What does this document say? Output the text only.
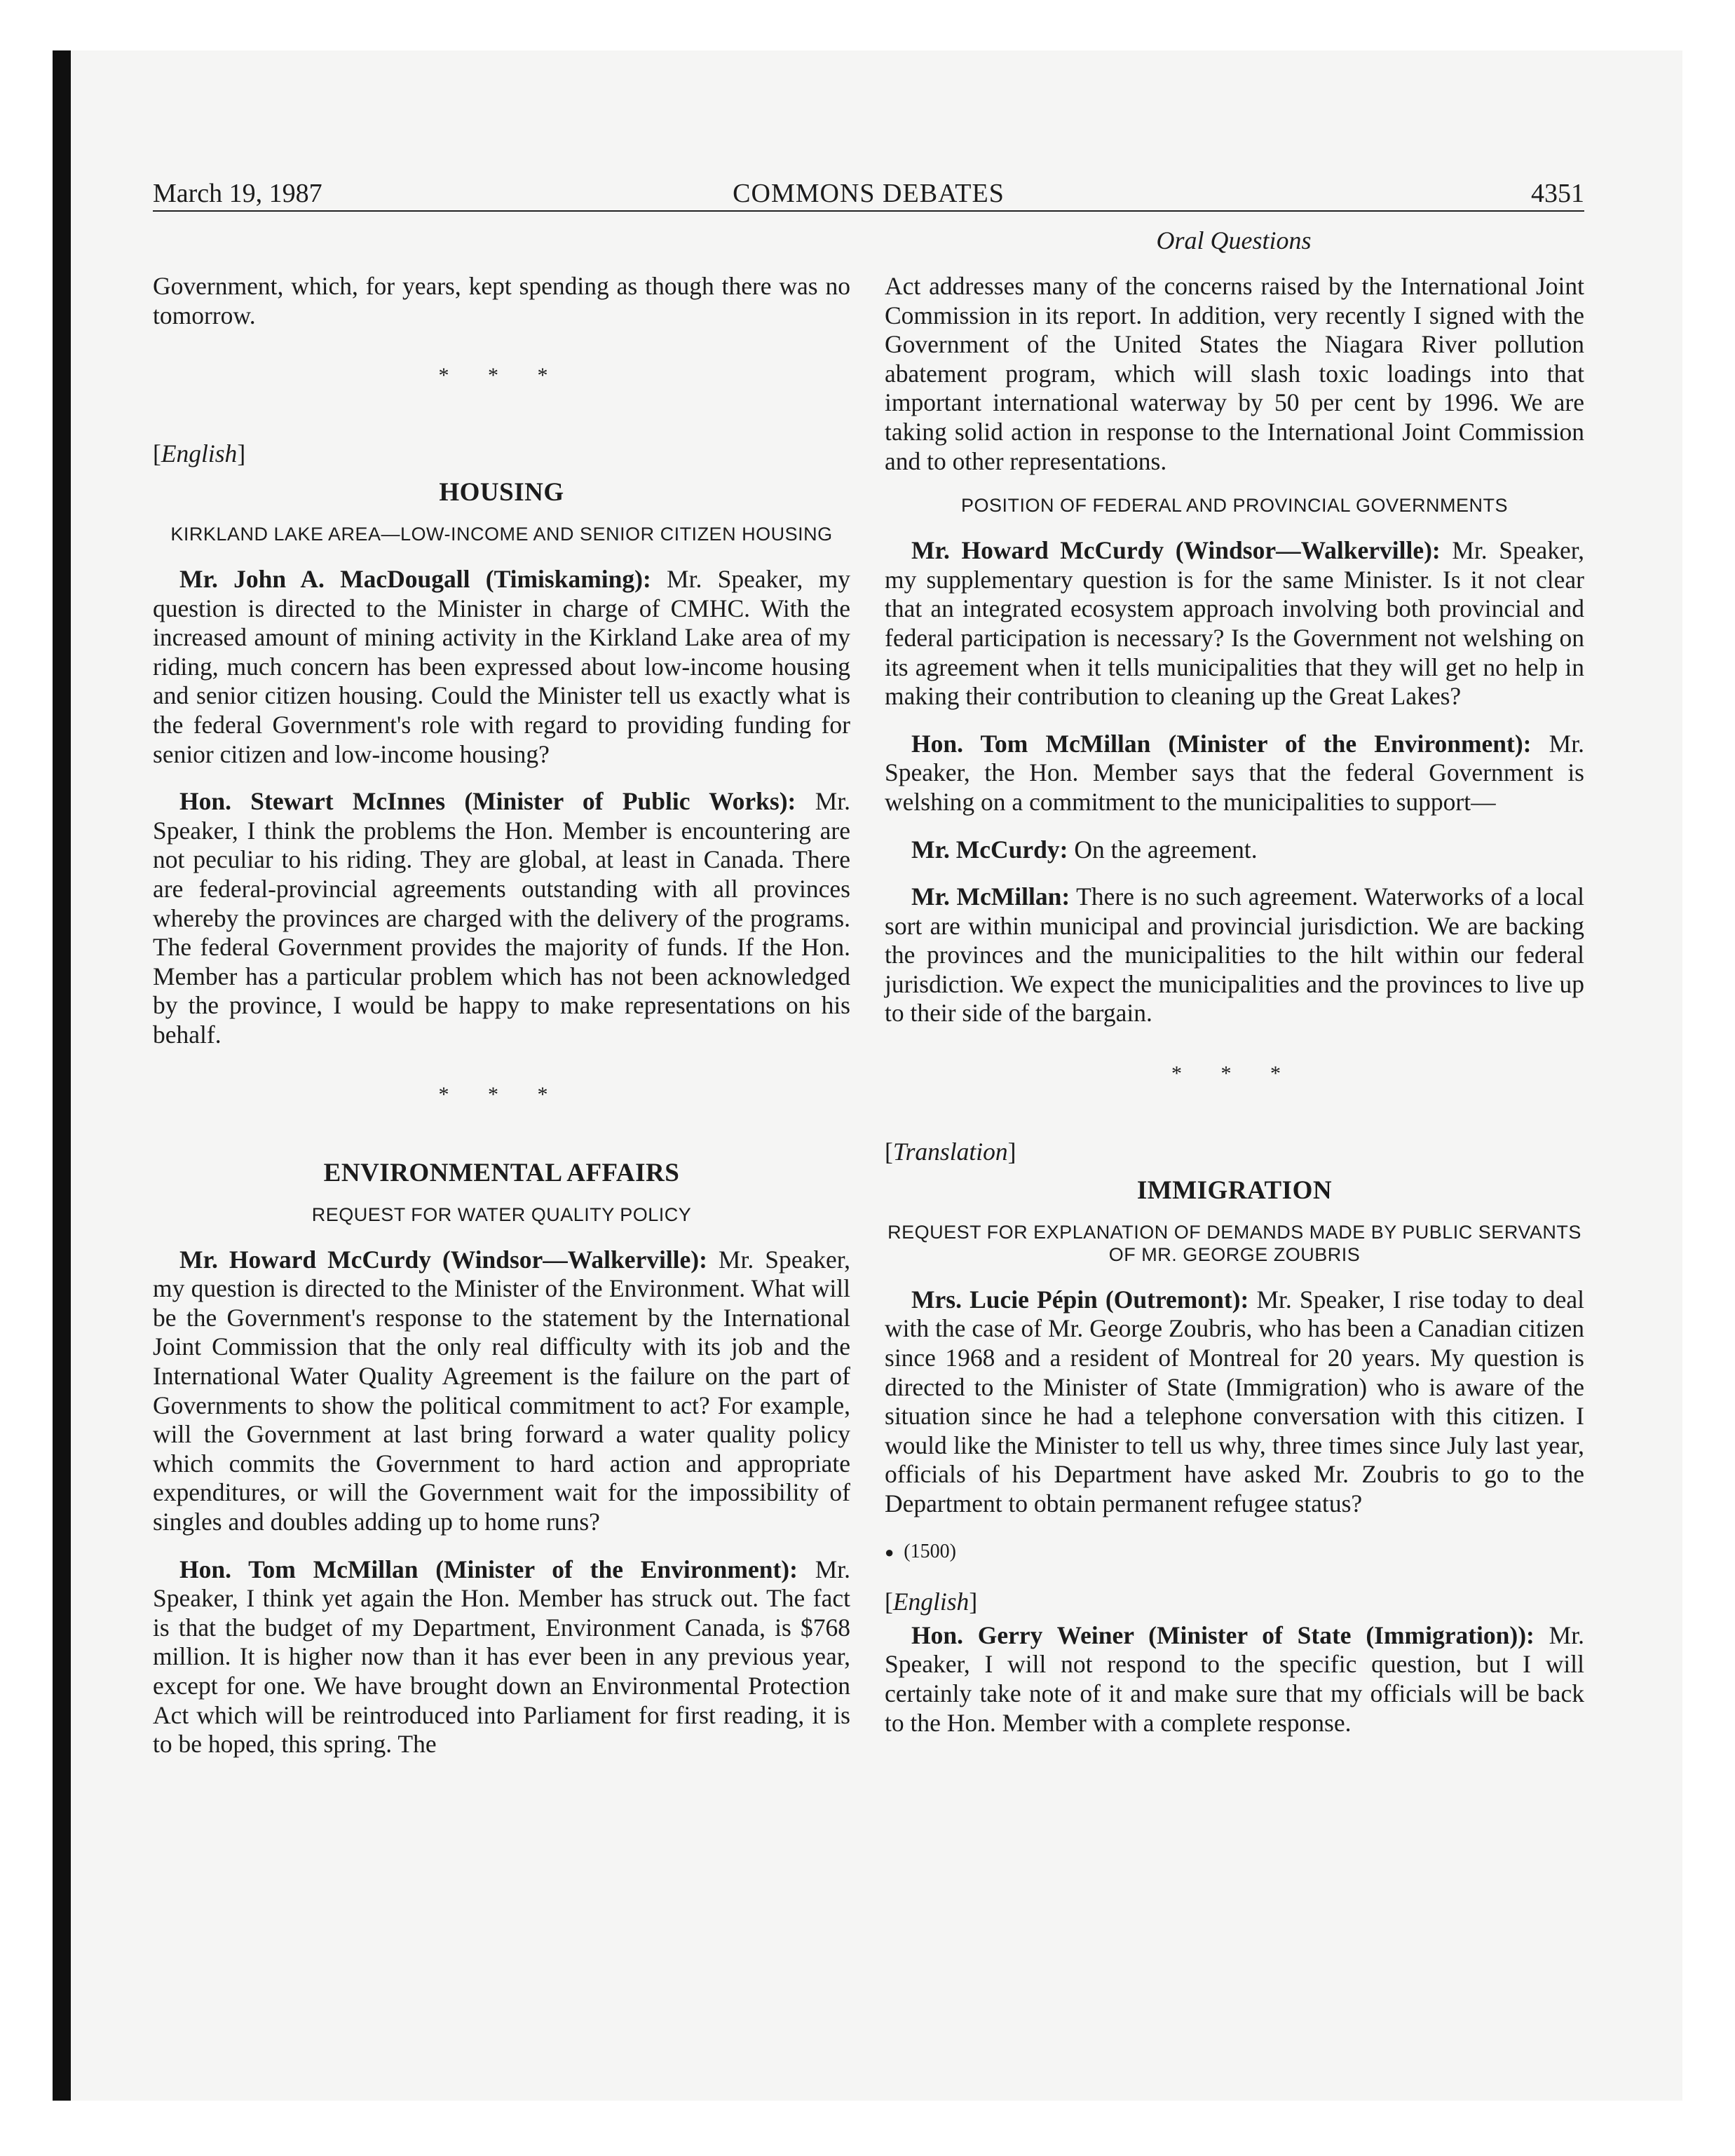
March 19, 1987	COMMONS DEBATES	4351
Oral Questions

Government, which, for years, kept spending as though there was no tomorrow.

* * *
[English]
HOUSING
KIRKLAND LAKE AREA—LOW-INCOME AND SENIOR CITIZEN HOUSING

Mr. John A. MacDougall (Timiskaming): Mr. Speaker, my question is directed to the Minister in charge of CMHC. With the increased amount of mining activity in the Kirkland Lake area of my riding, much concern has been expressed about low-income housing and senior citizen housing. Could the Minister tell us exactly what is the federal Government's role with regard to providing funding for senior citizen and low-income housing?

Hon. Stewart McInnes (Minister of Public Works): Mr. Speaker, I think the problems the Hon. Member is encountering are not peculiar to his riding. They are global, at least in Canada. There are federal-provincial agreements outstanding with all provinces whereby the provinces are charged with the delivery of the programs. The federal Government provides the majority of funds. If the Hon. Member has a particular problem which has not been acknowledged by the province, I would be happy to make representations on his behalf.

* * *
ENVIRONMENTAL AFFAIRS
REQUEST FOR WATER QUALITY POLICY

Mr. Howard McCurdy (Windsor—Walkerville): Mr. Speaker, my question is directed to the Minister of the Environment. What will be the Government's response to the statement by the International Joint Commission that the only real difficulty with its job and the International Water Quality Agreement is the failure on the part of Governments to show the political commitment to act? For example, will the Government at last bring forward a water quality policy which commits the Government to hard action and appropriate expenditures, or will the Government wait for the impossibility of singles and doubles adding up to home runs?

Hon. Tom McMillan (Minister of the Environment): Mr. Speaker, I think yet again the Hon. Member has struck out. The fact is that the budget of my Department, Environment Canada, is $768 million. It is higher now than it has ever been in any previous year, except for one. We have brought down an Environmental Protection Act which will be reintroduced into Parliament for first reading, it is to be hoped, this spring. The

Act addresses many of the concerns raised by the International Joint Commission in its report. In addition, very recently I signed with the Government of the United States the Niagara River pollution abatement program, which will slash toxic loadings into that important international waterway by 50 per cent by 1996. We are taking solid action in response to the International Joint Commission and to other representations.

POSITION OF FEDERAL AND PROVINCIAL GOVERNMENTS

Mr. Howard McCurdy (Windsor—Walkerville): Mr. Speaker, my supplementary question is for the same Minister. Is it not clear that an integrated ecosystem approach involving both provincial and federal participation is necessary? Is the Government not welshing on its agreement when it tells municipalities that they will get no help in making their contribution to cleaning up the Great Lakes?

Hon. Tom McMillan (Minister of the Environment): Mr. Speaker, the Hon. Member says that the federal Government is welshing on a commitment to the municipalities to support—

Mr. McCurdy: On the agreement.

Mr. McMillan: There is no such agreement. Waterworks of a local sort are within municipal and provincial jurisdiction. We are backing the provinces and the municipalities to the hilt within our federal jurisdiction. We expect the municipalities and the provinces to live up to their side of the bargain.

* * *
[Translation]
IMMIGRATION
REQUEST FOR EXPLANATION OF DEMANDS MADE BY PUBLIC SERVANTS OF MR. GEORGE ZOUBRIS

Mrs. Lucie Pépin (Outremont): Mr. Speaker, I rise today to deal with the case of Mr. George Zoubris, who has been a Canadian citizen since 1968 and a resident of Montreal for 20 years. My question is directed to the Minister of State (Immigration) who is aware of the situation since he had a telephone conversation with this citizen. I would like the Minister to tell us why, three times since July last year, officials of his Department have asked Mr. Zoubris to go to the Department to obtain permanent refugee status?

● (1500)
[English]

Hon. Gerry Weiner (Minister of State (Immigration)): Mr. Speaker, I will not respond to the specific question, but I will certainly take note of it and make sure that my officials will be back to the Hon. Member with a complete response.
